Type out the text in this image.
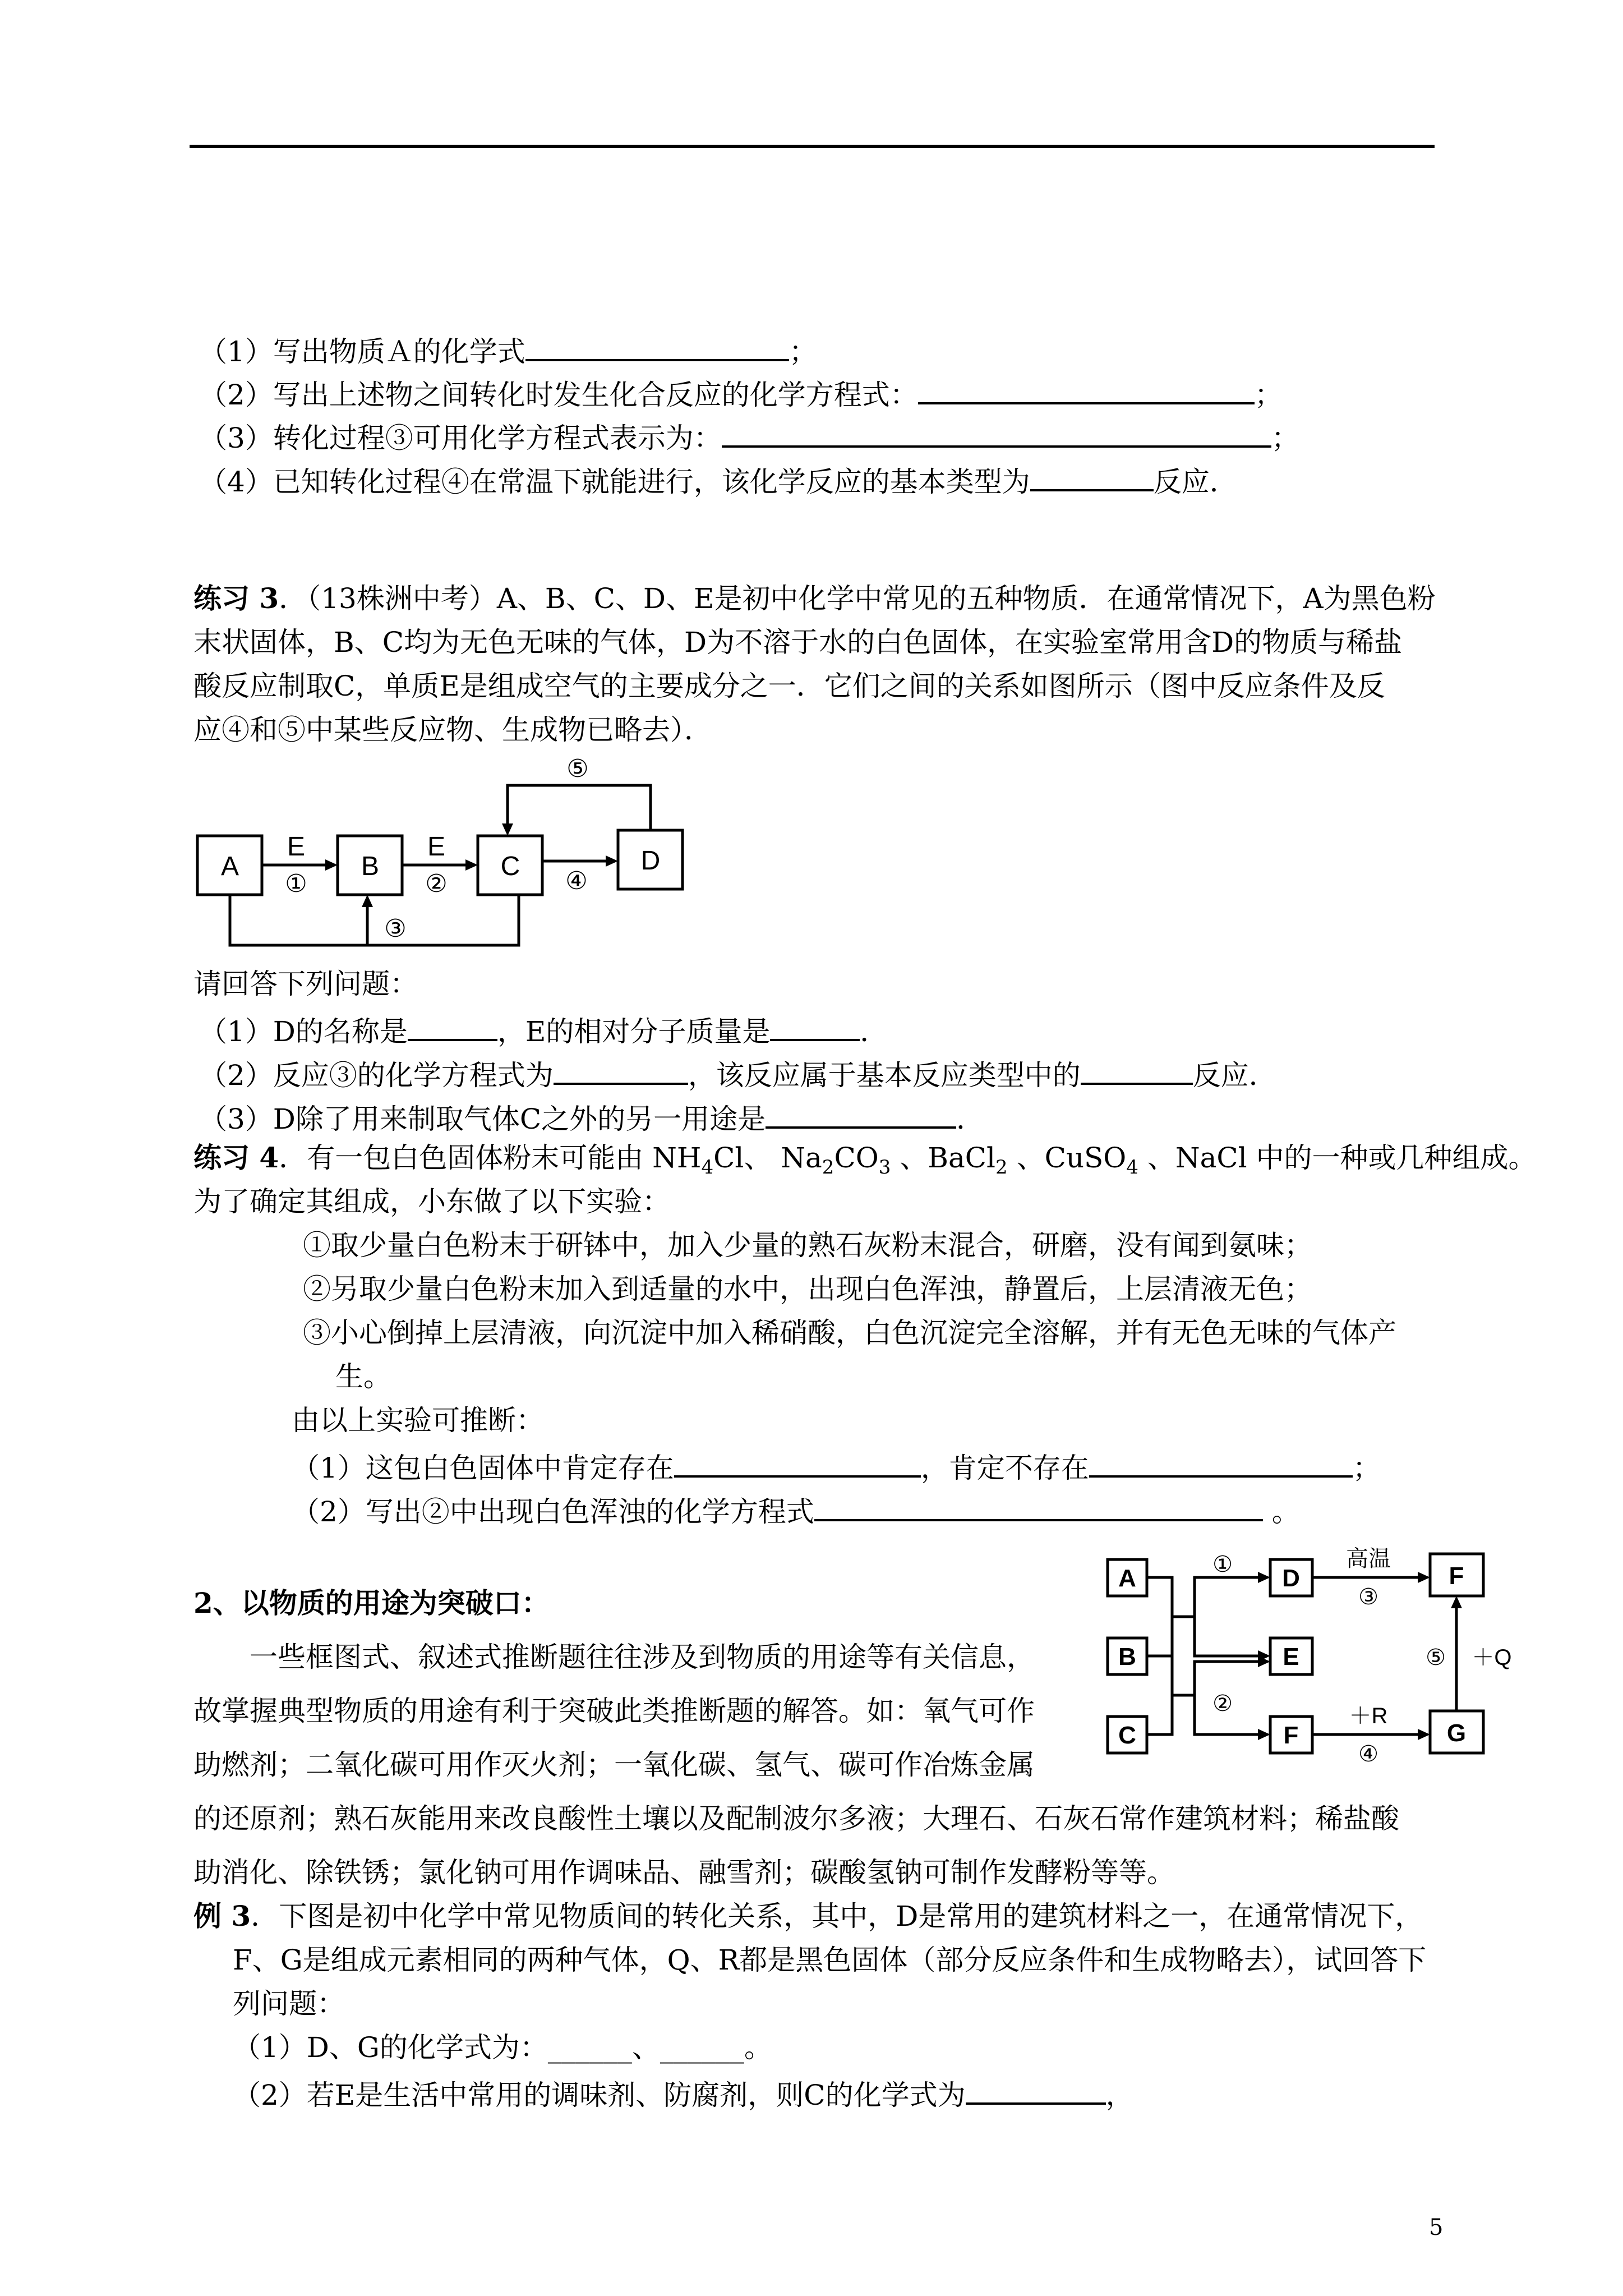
（1）写出物质Ａ的化学式	；
（2）写出上述物之间转化时发生化合反应的化学方程式：	；
（3）转化过程③可用化学方程式表示为：	；
（4）已知转化过程④在常温下就能进行，该化学反应的基本类型为	反应．
练习 3．（13株洲中考）A、B、C、D、E是初中化学中常见的五种物质．在通常情况下，A为黑色粉
末状固体，B、C均为无色无味的气体，D为不溶于水的白色固体，在实验室常用含D的物质与稀盐
酸反应制取C，单质E是组成空气的主要成分之一．它们之间的关系如图所示（图中反应条件及反
应④和⑤中某些反应物、生成物已略去）．
A	B	C	D
E	E
①	②	④
⑤
③
请回答下列问题：
（1）D的名称是	，E的相对分子质量是	．
（2）反应③的化学方程式为	，该反应属于基本反应类型中的	反应．
（3）D除了用来制取气体C之外的另一用途是	．
练习 4．有一包白色固体粉末可能由 $NH_4Cl$、 $Na_2CO_3$ 、BaCl$_2$ 、CuSO$_4$ 、NaCl 中的一种或几种组成。
为了确定其组成，小东做了以下实验：
①取少量白色粉末于研钵中，加入少量的熟石灰粉末混合，研磨，没有闻到氨味；
②另取少量白色粉末加入到适量的水中，出现白色浑浊，静置后，上层清液无色；
③小心倒掉上层清液，向沉淀中加入稀硝酸，白色沉淀完全溶解，并有无色无味的气体产
生。
由以上实验可推断：
（1）这包白色固体中肯定存在	，肯定不存在	；
（2）写出②中出现白色浑浊的化学方程式	。
2、以物质的用途为突破口：
一些框图式、叙述式推断题往往涉及到物质的用途等有关信息，
故掌握典型物质的用途有利于突破此类推断题的解答。如：氧气可作
助燃剂；二氧化碳可用作灭火剂；一氧化碳、氢气、碳可作冶炼金属
的还原剂；熟石灰能用来改良酸性土壤以及配制波尔多液；大理石、石灰石常作建筑材料；稀盐酸
助消化、除铁锈；氯化钠可用作调味品、融雪剂；碳酸氢钠可制作发酵粉等等。
A
B
C
D
E
F
F
G
①
②
③
④
⑤
高温
＋R
＋Q
例 3．下图是初中化学中常见物质间的转化关系，其中，D是常用的建筑材料之一，在通常情况下，
F、G是组成元素相同的两种气体，Q、R都是黑色固体（部分反应条件和生成物略去），试回答下
列问题：
（1）D、G的化学式为：______、______。
（2）若E是生活中常用的调味剂、防腐剂，则C的化学式为	，
5
